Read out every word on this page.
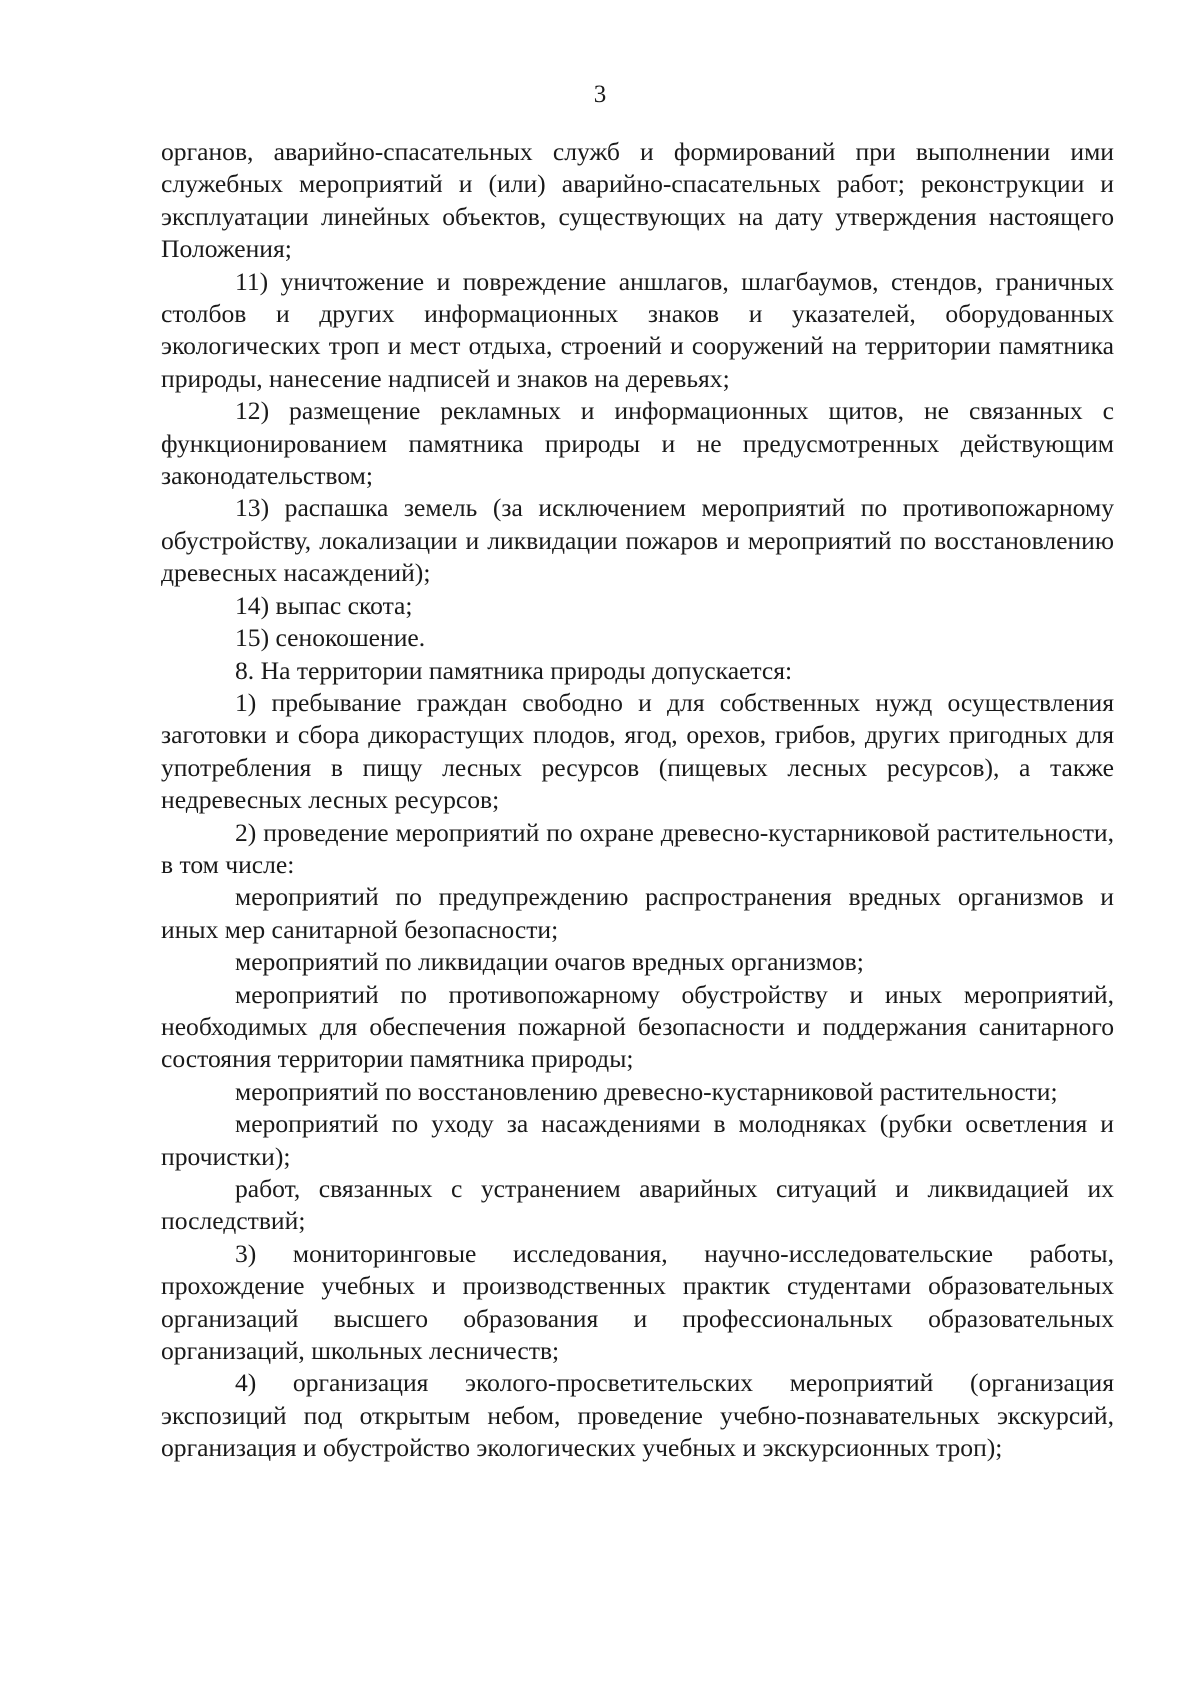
3

органов, аварийно-спасательных служб и формирований при выполнении ими служебных мероприятий и (или) аварийно-спасательных работ; реконструкции и эксплуатации линейных объектов, существующих на дату утверждения настоящего Положения;

11) уничтожение и повреждение аншлагов, шлагбаумов, стендов, граничных столбов и других информационных знаков и указателей, оборудованных экологических троп и мест отдыха, строений и сооружений на территории памятника природы, нанесение надписей и знаков на деревьях;

12) размещение рекламных и информационных щитов, не связанных с функционированием памятника природы и не предусмотренных действующим законодательством;

13) распашка земель (за исключением мероприятий по противопожарному обустройству, локализации и ликвидации пожаров и мероприятий по восстановлению древесных насаждений);

14) выпас скота;

15) сенокошение.

8. На территории памятника природы допускается:

1) пребывание граждан свободно и для собственных нужд осуществления заготовки и сбора дикорастущих плодов, ягод, орехов, грибов, других пригодных для употребления в пищу лесных ресурсов (пищевых лесных ресурсов), а также недревесных лесных ресурсов;

2) проведение мероприятий по охране древесно-кустарниковой растительности, в том числе:

мероприятий по предупреждению распространения вредных организмов и иных мер санитарной безопасности;

мероприятий по ликвидации очагов вредных организмов;

мероприятий по противопожарному обустройству и иных мероприятий, необходимых для обеспечения пожарной безопасности и поддержания санитарного состояния территории памятника природы;

мероприятий по восстановлению древесно-кустарниковой растительности;

мероприятий по уходу за насаждениями в молодняках (рубки осветления и прочистки);

работ, связанных с устранением аварийных ситуаций и ликвидацией их последствий;

3) мониторинговые исследования, научно-исследовательские работы, прохождение учебных и производственных практик студентами образовательных организаций высшего образования и профессиональных образовательных организаций, школьных лесничеств;

4) организация эколого-просветительских мероприятий (организация экспозиций под открытым небом, проведение учебно-познавательных экскурсий, организация и обустройство экологических учебных и экскурсионных троп);
